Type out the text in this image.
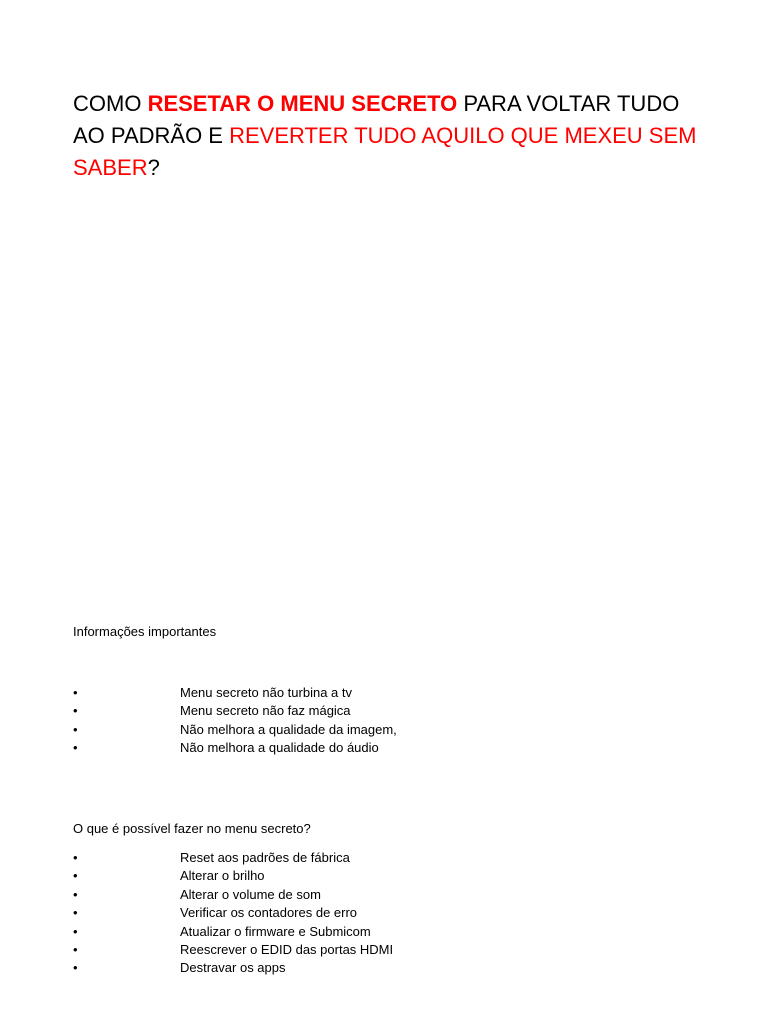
COMO RESETAR O MENU SECRETO PARA VOLTAR TUDO AO PADRÃO E REVERTER TUDO AQUILO QUE MEXEU SEM SABER?

Informações importantes

•	Menu secreto não turbina a tv
•	Menu secreto não faz mágica
•	Não melhora a qualidade da imagem,
•	Não melhora a qualidade do áudio

O que é possível fazer no menu secreto?

•	Reset aos padrões de fábrica
•	Alterar o brilho
•	Alterar o volume de som
•	Verificar os contadores de erro
•	Atualizar o firmware e Submicom
•	Reescrever o EDID das portas HDMI
•	Destravar os apps
